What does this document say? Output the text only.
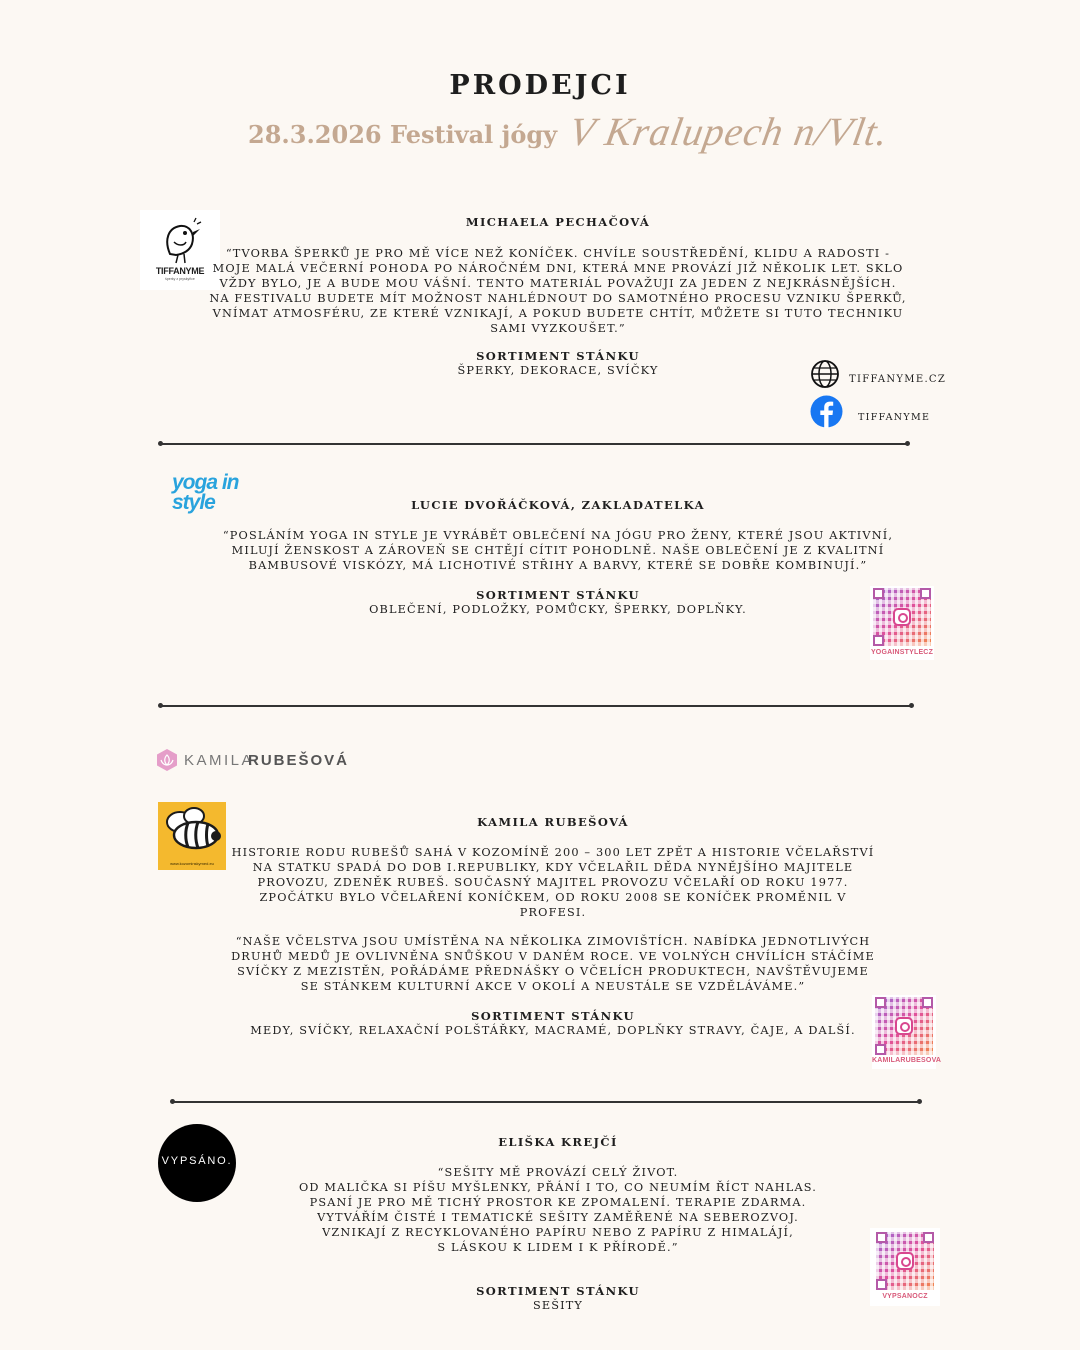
PRODEJCI
28.3.2026 Festival jógy V Kralupech n/Vlt.
TIFFANYME
šperky z pryskyřice
MICHAELA PECHAČOVÁ
“TVORBA ŠPERKŮ JE PRO MĚ VÍCE NEŽ KONÍČEK. CHVÍLE SOUSTŘEDĚNÍ, KLIDU A RADOSTI -
MOJE MALÁ VEČERNÍ POHODA PO NÁROČNÉM DNI, KTERÁ MNE PROVÁZÍ JIŽ NĚKOLIK LET. SKLO
VŽDY BYLO, JE A BUDE MOU VÁŠNÍ. TENTO MATERIÁL POVAŽUJI ZA JEDEN Z NEJKRÁSNĚJŠÍCH.
NA FESTIVALU BUDETE MÍT MOŽNOST NAHLÉDNOUT DO SAMOTNÉHO PROCESU VZNIKU ŠPERKŮ,
VNÍMAT ATMOSFÉRU, ZE KTERÉ VZNIKAJÍ, A POKUD BUDETE CHTÍT, MŮŽETE SI TUTO TECHNIKU
SAMI VYZKOUŠET.”
SORTIMENT STÁNKU
ŠPERKY, DEKORACE, SVÍČKY
TIFFANYME.CZ
TIFFANYME
yoga in style	LUCIE DVOŘÁČKOVÁ, ZAKLADATELKA
“POSLÁNÍM YOGA IN STYLE JE VYRÁBĚT OBLEČENÍ NA JÓGU PRO ŽENY, KTERÉ JSOU AKTIVNÍ,
MILUJÍ ŽENSKOST A ZÁROVEŇ SE CHTĚJÍ CÍTIT POHODLNĚ. NAŠE OBLEČENÍ JE Z KVALITNÍ
BAMBUSOVÉ VISKÓZY, MÁ LICHOTIVÉ STŘIHY A BARVY, KTERÉ SE DOBŘE KOMBINUJÍ.”
SORTIMENT STÁNKU
OBLEČENÍ, PODLOŽKY, POMŮCKY, ŠPERKY, DOPLŇKY.
YOGAINSTYLECZ
KAMILA
RUBEŠOVÁ
www.kozominskymed.eu
KAMILA RUBEŠOVÁ
HISTORIE RODU RUBEŠŮ SAHÁ V KOZOMÍNĚ 200 – 300 LET ZPĚT A HISTORIE VČELAŘSTVÍ
NA STATKU SPADÁ DO DOB I.REPUBLIKY, KDY VČELAŘIL DĚDA NYNĚJŠÍHO MAJITELE
PROVOZU, ZDENĚK RUBEŠ. SOUČASNÝ MAJITEL PROVOZU VČELAŘÍ OD ROKU 1977.
ZPOČÁTKU BYLO VČELAŘENÍ KONÍČKEM, OD ROKU 2008 SE KONÍČEK PROMĚNIL V
PROFESI.
“NAŠE VČELSTVA JSOU UMÍSTĚNA NA NĚKOLIKA ZIMOVIŠTÍCH. NABÍDKA JEDNOTLIVÝCH
DRUHŮ MEDŮ JE OVLIVNĚNA SNŮŠKOU V DANÉM ROCE. VE VOLNÝCH CHVÍLÍCH STÁČÍME
SVÍČKY Z MEZISTĚN, POŘÁDÁME PŘEDNÁŠKY O VČELÍCH PRODUKTECH, NAVŠTĚVUJEME
SE STÁNKEM KULTURNÍ AKCE V OKOLÍ A NEUSTÁLE SE VZDĚLÁVÁME.”
SORTIMENT STÁNKU
MEDY, SVÍČKY, RELAXAČNÍ POLŠTÁŘKY, MACRAMÉ, DOPLŇKY STRAVY, ČAJE, A DALŠÍ.
KAMILARUBESOVA
VYPSÁNO.
ELIŠKA KREJČÍ
“SEŠITY MĚ PROVÁZÍ CELÝ ŽIVOT.
OD MALIČKA SI PÍŠU MYŠLENKY, PŘÁNÍ I TO, CO NEUMÍM ŘÍCT NAHLAS.
PSANÍ JE PRO MĚ TICHÝ PROSTOR KE ZPOMALENÍ. TERAPIE ZDARMA.
VYTVÁŘÍM ČISTÉ I TEMATICKÉ SEŠITY ZAMĚŘENÉ NA SEBEROZVOJ.
VZNIKAJÍ Z RECYKLOVANÉHO PAPÍRU NEBO Z PAPÍRU Z HIMALÁJÍ,
S LÁSKOU K LIDEM I K PŘÍRODĚ.”
SORTIMENT STÁNKU
SEŠITY
VYPSANOCZ
